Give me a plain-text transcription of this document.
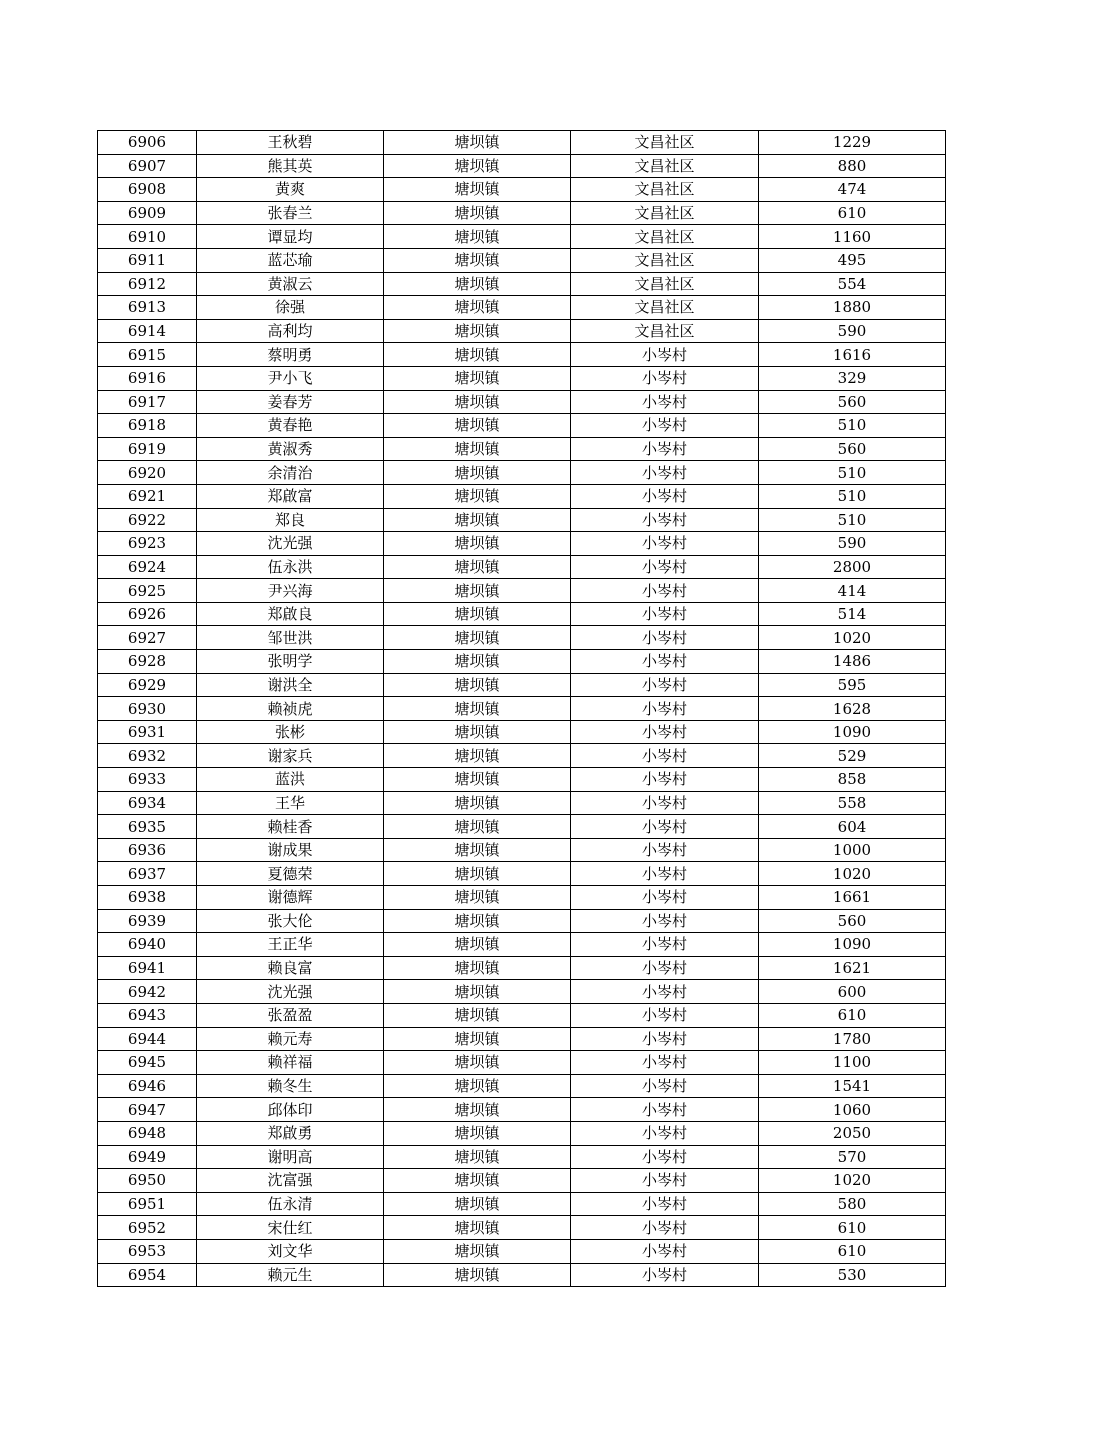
6906	王秋碧	塘坝镇	文昌社区	1229
6907	熊其英	塘坝镇	文昌社区	880
6908	黄爽	塘坝镇	文昌社区	474
6909	张春兰	塘坝镇	文昌社区	610
6910	谭显均	塘坝镇	文昌社区	1160
6911	蓝芯瑜	塘坝镇	文昌社区	495
6912	黄淑云	塘坝镇	文昌社区	554
6913	徐强	塘坝镇	文昌社区	1880
6914	高利均	塘坝镇	文昌社区	590
6915	蔡明勇	塘坝镇	小岑村	1616
6916	尹小飞	塘坝镇	小岑村	329
6917	姜春芳	塘坝镇	小岑村	560
6918	黄春艳	塘坝镇	小岑村	510
6919	黄淑秀	塘坝镇	小岑村	560
6920	余清治	塘坝镇	小岑村	510
6921	郑啟富	塘坝镇	小岑村	510
6922	郑良	塘坝镇	小岑村	510
6923	沈光强	塘坝镇	小岑村	590
6924	伍永洪	塘坝镇	小岑村	2800
6925	尹兴海	塘坝镇	小岑村	414
6926	郑啟良	塘坝镇	小岑村	514
6927	邹世洪	塘坝镇	小岑村	1020
6928	张明学	塘坝镇	小岑村	1486
6929	谢洪全	塘坝镇	小岑村	595
6930	赖祯虎	塘坝镇	小岑村	1628
6931	张彬	塘坝镇	小岑村	1090
6932	谢家兵	塘坝镇	小岑村	529
6933	蓝洪	塘坝镇	小岑村	858
6934	王华	塘坝镇	小岑村	558
6935	赖桂香	塘坝镇	小岑村	604
6936	谢成果	塘坝镇	小岑村	1000
6937	夏德荣	塘坝镇	小岑村	1020
6938	谢德辉	塘坝镇	小岑村	1661
6939	张大伦	塘坝镇	小岑村	560
6940	王正华	塘坝镇	小岑村	1090
6941	赖良富	塘坝镇	小岑村	1621
6942	沈光强	塘坝镇	小岑村	600
6943	张盈盈	塘坝镇	小岑村	610
6944	赖元寿	塘坝镇	小岑村	1780
6945	赖祥福	塘坝镇	小岑村	1100
6946	赖冬生	塘坝镇	小岑村	1541
6947	邱体印	塘坝镇	小岑村	1060
6948	郑啟勇	塘坝镇	小岑村	2050
6949	谢明高	塘坝镇	小岑村	570
6950	沈富强	塘坝镇	小岑村	1020
6951	伍永清	塘坝镇	小岑村	580
6952	宋仕红	塘坝镇	小岑村	610
6953	刘文华	塘坝镇	小岑村	610
6954	赖元生	塘坝镇	小岑村	530
